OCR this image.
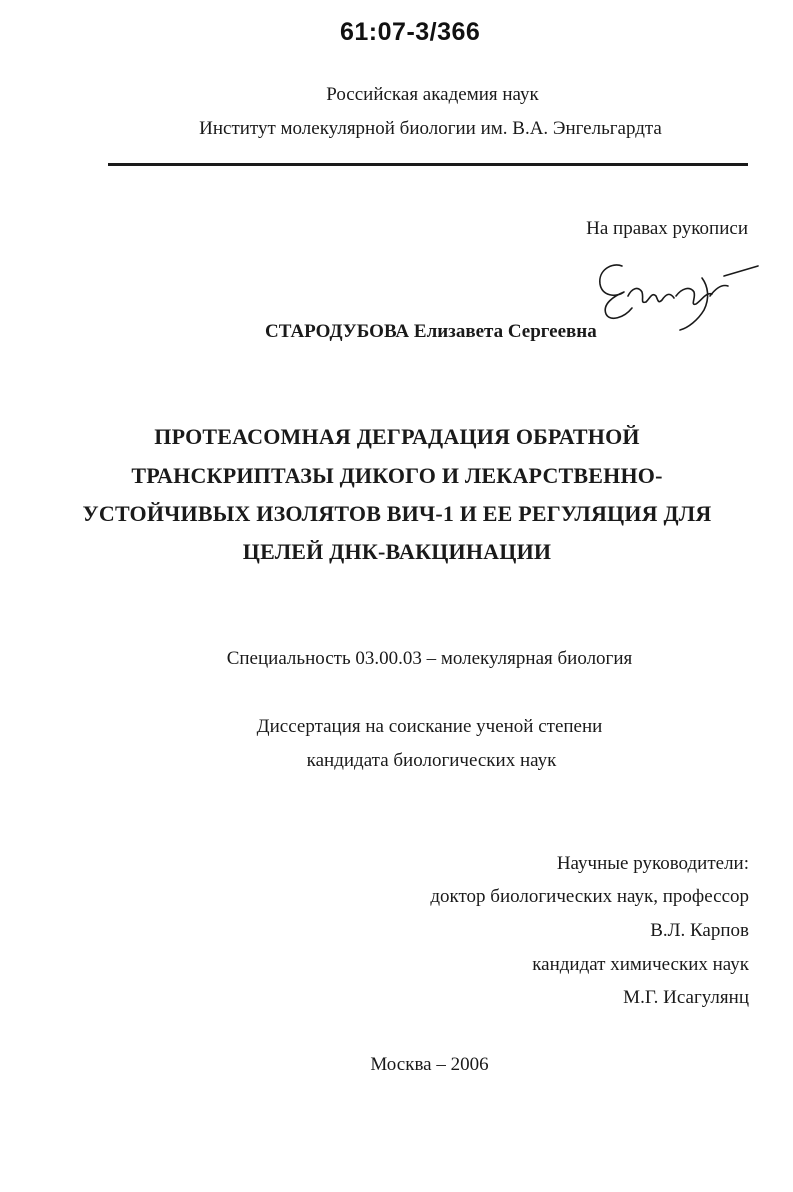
61:07-3/366
Российская академия наук
Институт молекулярной биологии им. В.А. Энгельгардта
На правах рукописи
СТАРОДУБОВА Елизавета Сергеевна
ПРОТЕАСОМНАЯ ДЕГРАДАЦИЯ ОБРАТНОЙ
ТРАНСКРИПТАЗЫ ДИКОГО И ЛЕКАРСТВЕННО-
УСТОЙЧИВЫХ ИЗОЛЯТОВ ВИЧ-1 И ЕЕ РЕГУЛЯЦИЯ ДЛЯ
ЦЕЛЕЙ ДНК-ВАКЦИНАЦИИ
Специальность 03.00.03 – молекулярная биология
Диссертация на соискание ученой степени
кандидата биологических наук
Научные руководители:
доктор биологических наук, профессор
В.Л. Карпов
кандидат химических наук
М.Г. Исагулянц
Москва – 2006
